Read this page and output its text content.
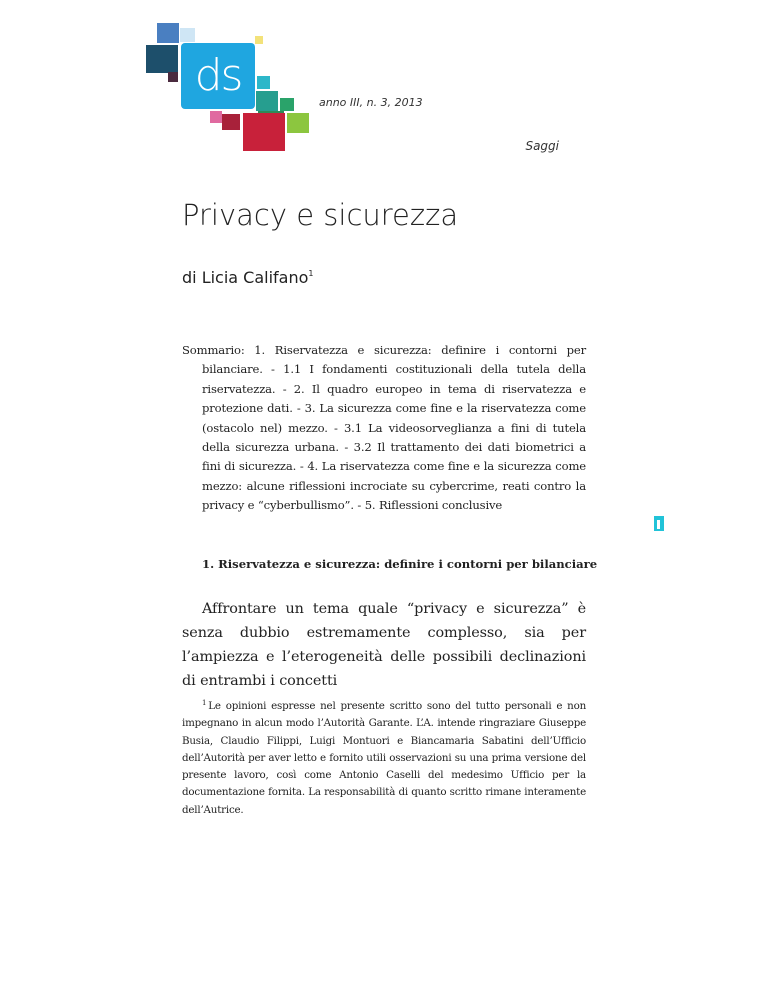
ds
anno III, n. 3, 2013
Saggi
Privacy e sicurezza
di Licia Califano$^1$
Sommario: 1. Riservatezza e sicurezza: definire i contorni per bilanciare. - 1.1 I fondamenti costituzionali della tutela della riservatezza. - 2. Il quadro europeo in tema di riservatezza e protezione dati. - 3. La sicurezza come fine e la riservatezza come (ostacolo nel) mezzo. - 3.1 La videosorveglianza a fini di tutela della sicurezza urbana. - 3.2 Il trattamento dei dati biometrici a fini di sicurezza. - 4. La riservatezza come fine e la sicurezza come mezzo: alcune riflessioni incrociate su cybercrime, reati contro la privacy e “cyberbullismo”. - 5. Riflessioni conclusive
1. Riservatezza e sicurezza: definire i contorni per bilanciare

Affrontare un tema quale “privacy e sicurezza” è senza dubbio estremamente complesso, sia per l’ampiezza e l’eterogeneità delle possibili declinazioni di entrambi i concetti

$^1$ Le opinioni espresse nel presente scritto sono del tutto personali e non impegnano in alcun modo l’Autorità Garante. L’A. intende ringraziare Giuseppe Busia, Claudio Filippi, Luigi Montuori e Biancamaria Sabatini dell’Ufficio dell’Autorità per aver letto e fornito utili osservazioni su una prima versione del presente lavoro, così come Antonio Caselli del medesimo Ufficio per la documentazione fornita. La responsabilità di quanto scritto rimane interamente dell’Autrice.
